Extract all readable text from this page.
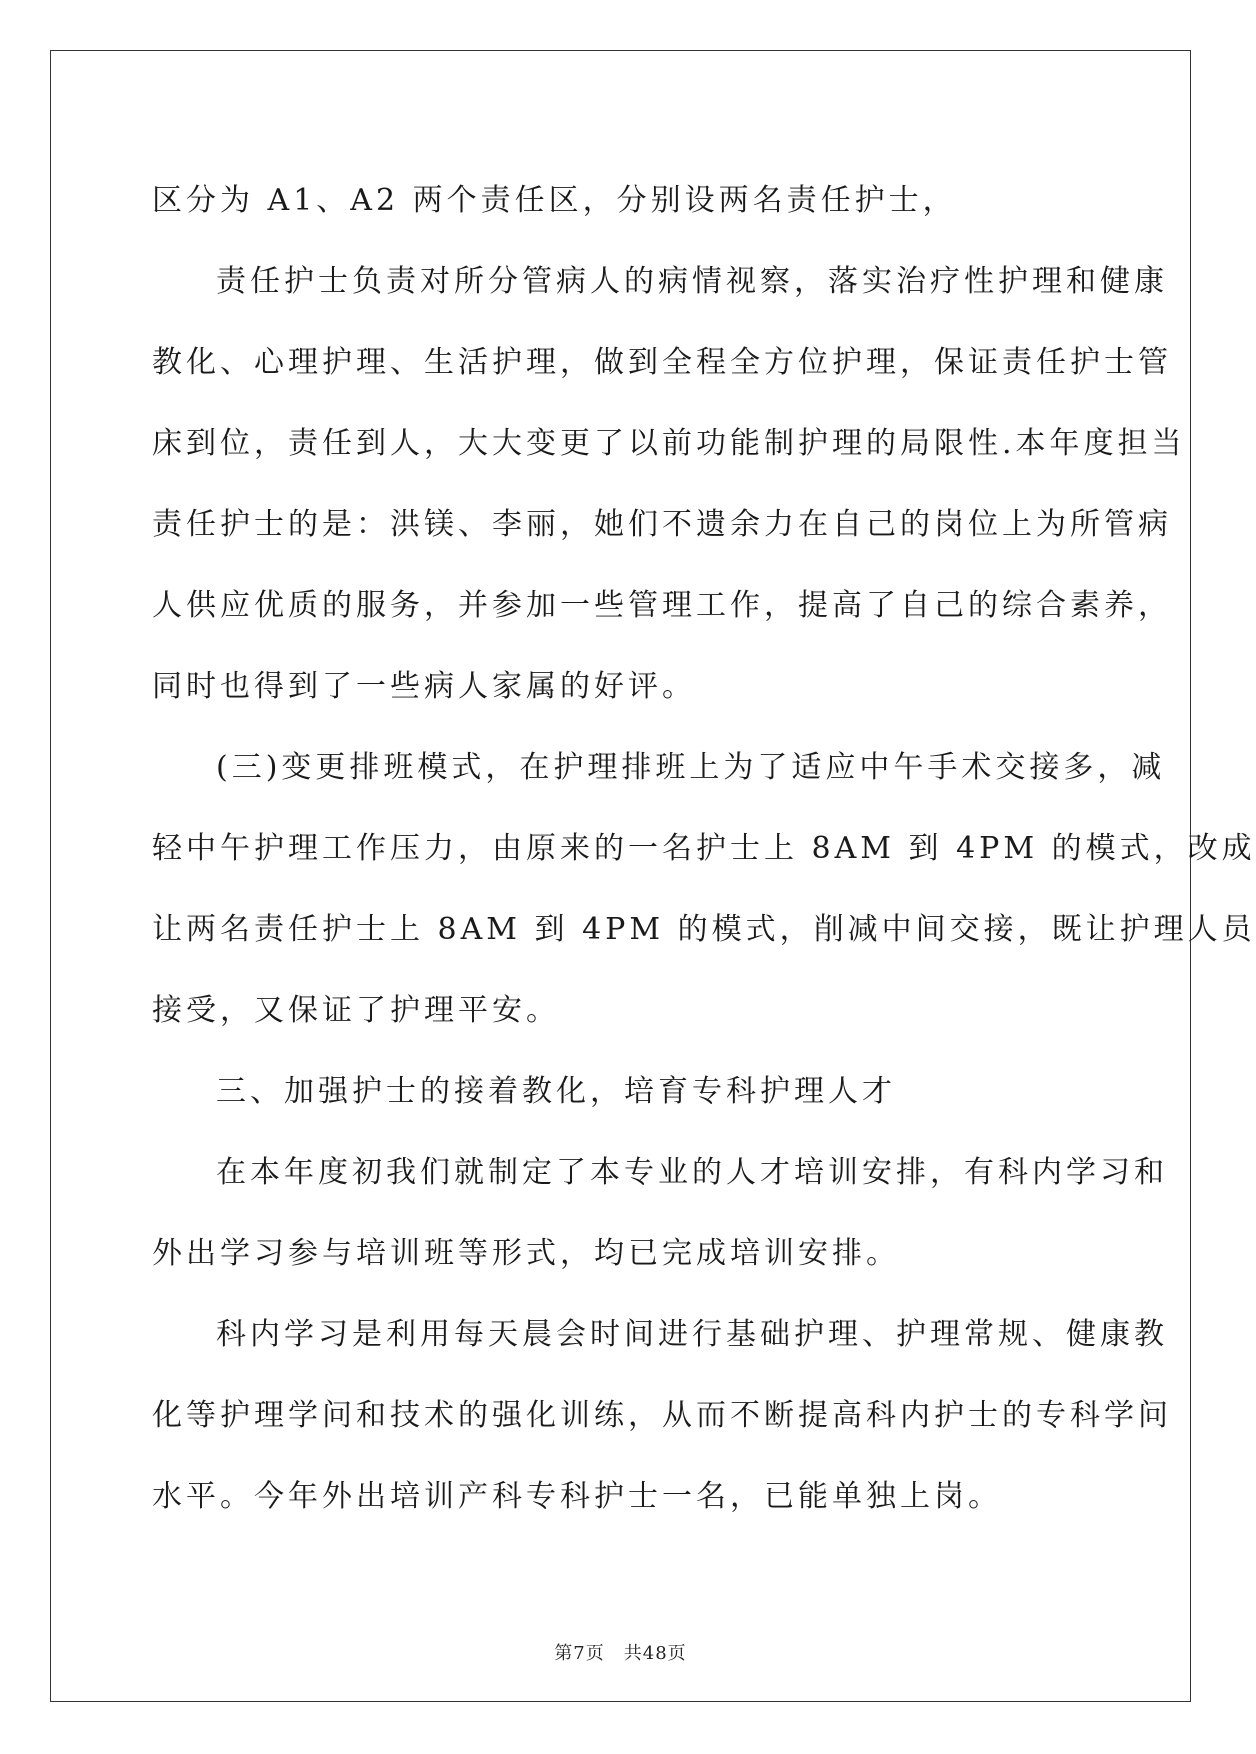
区分为 A1、A2 两个责任区，分别设两名责任护士，
责任护士负责对所分管病人的病情视察，落实治疗性护理和健康
教化、心理护理、生活护理，做到全程全方位护理，保证责任护士管
床到位，责任到人，大大变更了以前功能制护理的局限性.本年度担当
责任护士的是：洪镁、李丽，她们不遗余力在自己的岗位上为所管病
人供应优质的服务，并参加一些管理工作，提高了自己的综合素养，
同时也得到了一些病人家属的好评。
(三)变更排班模式，在护理排班上为了适应中午手术交接多，减
轻中午护理工作压力，由原来的一名护士上 8AM 到 4PM 的模式，改成
让两名责任护士上 8AM 到 4PM 的模式，削减中间交接，既让护理人员
接受，又保证了护理平安。
三、加强护士的接着教化，培育专科护理人才
在本年度初我们就制定了本专业的人才培训安排，有科内学习和
外出学习参与培训班等形式，均已完成培训安排。
科内学习是利用每天晨会时间进行基础护理、护理常规、健康教
化等护理学问和技术的强化训练，从而不断提高科内护士的专科学问
水平。今年外出培训产科专科护士一名，已能单独上岗。
第7页　共48页
